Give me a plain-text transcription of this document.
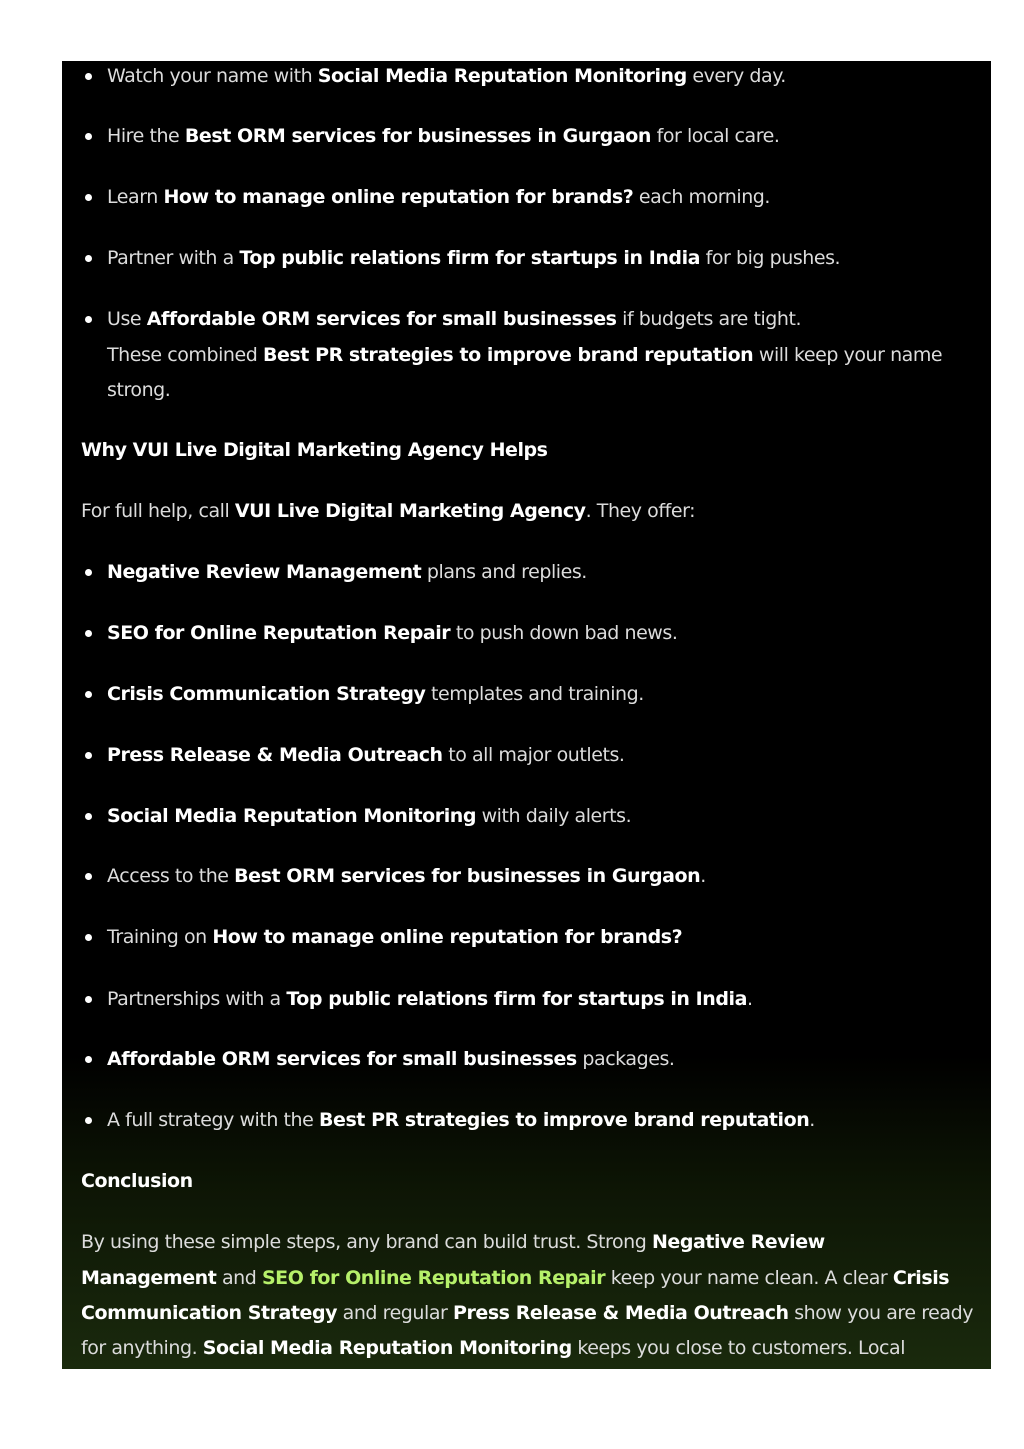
Watch your name with Social Media Reputation Monitoring every day.
Hire the Best ORM services for businesses in Gurgaon for local care.
Learn How to manage online reputation for brands? each morning.
Partner with a Top public relations firm for startups in India for big pushes.
Use Affordable ORM services for small businesses if budgets are tight.
These combined Best PR strategies to improve brand reputation will keep your name
strong.
Why VUI Live Digital Marketing Agency Helps
For full help, call VUI Live Digital Marketing Agency. They offer:
Negative Review Management plans and replies.
SEO for Online Reputation Repair to push down bad news.
Crisis Communication Strategy templates and training.
Press Release & Media Outreach to all major outlets.
Social Media Reputation Monitoring with daily alerts.
Access to the Best ORM services for businesses in Gurgaon.
Training on How to manage online reputation for brands?
Partnerships with a Top public relations firm for startups in India.
Affordable ORM services for small businesses packages.
A full strategy with the Best PR strategies to improve brand reputation.
Conclusion
By using these simple steps, any brand can build trust. Strong Negative Review
Management and SEO for Online Reputation Repair keep your name clean. A clear Crisis
Communication Strategy and regular Press Release & Media Outreach show you are ready
for anything. Social Media Reputation Monitoring keeps you close to customers. Local
